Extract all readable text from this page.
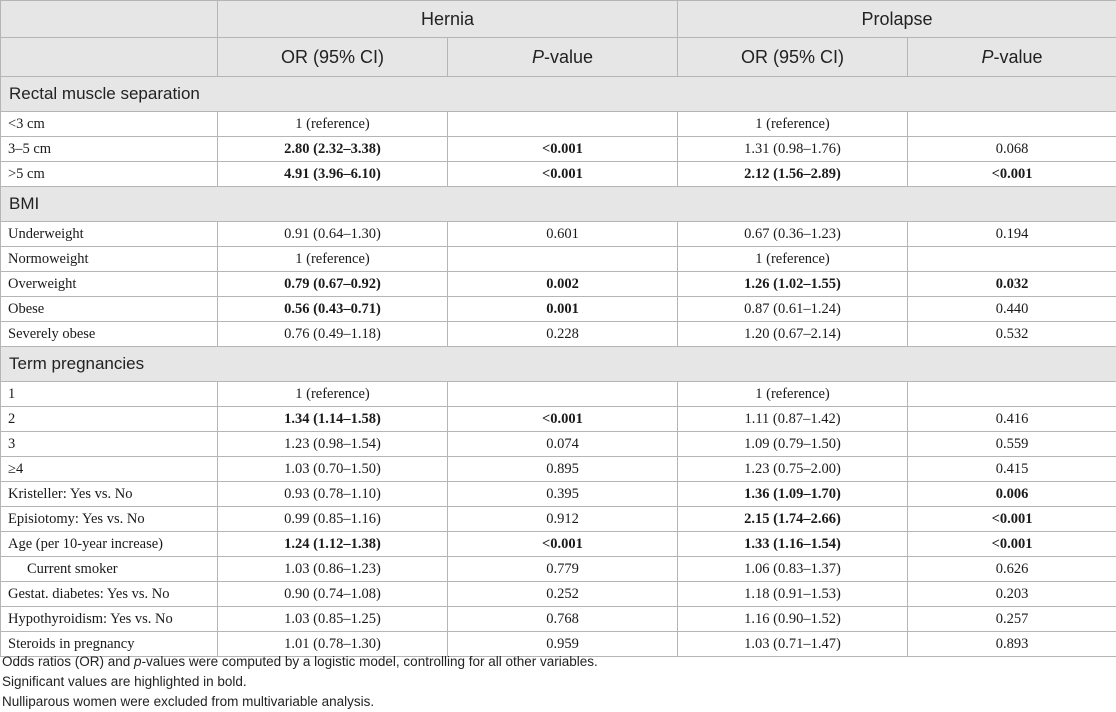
	Hernia		Prolapse	
	OR (95% CI)	P-value	OR (95% CI)	P-value
Rectal muscle separation				
<3 cm	1 (reference)		1 (reference)	
3–5 cm	2.80 (2.32–3.38)	<0.001	1.31 (0.98–1.76)	0.068
>5 cm	4.91 (3.96–6.10)	<0.001	2.12 (1.56–2.89)	<0.001
BMI				
Underweight	0.91 (0.64–1.30)	0.601	0.67 (0.36–1.23)	0.194
Normoweight	1 (reference)		1 (reference)	
Overweight	0.79 (0.67–0.92)	0.002	1.26 (1.02–1.55)	0.032
Obese	0.56 (0.43–0.71)	0.001	0.87 (0.61–1.24)	0.440
Severely obese	0.76 (0.49–1.18)	0.228	1.20 (0.67–2.14)	0.532
Term pregnancies				
1	1 (reference)		1 (reference)	
2	1.34 (1.14–1.58)	<0.001	1.11 (0.87–1.42)	0.416
3	1.23 (0.98–1.54)	0.074	1.09 (0.79–1.50)	0.559
≥4	1.03 (0.70–1.50)	0.895	1.23 (0.75–2.00)	0.415
Kristeller: Yes vs. No	0.93 (0.78–1.10)	0.395	1.36 (1.09–1.70)	0.006
Episiotomy: Yes vs. No	0.99 (0.85–1.16)	0.912	2.15 (1.74–2.66)	<0.001
Age (per 10-year increase)	1.24 (1.12–1.38)	<0.001	1.33 (1.16–1.54)	<0.001
Current smoker	1.03 (0.86–1.23)	0.779	1.06 (0.83–1.37)	0.626
Gestat. diabetes: Yes vs. No	0.90 (0.74–1.08)	0.252	1.18 (0.91–1.53)	0.203
Hypothyroidism: Yes vs. No	1.03 (0.85–1.25)	0.768	1.16 (0.90–1.52)	0.257
Steroids in pregnancy	1.01 (0.78–1.30)	0.959	1.03 (0.71–1.47)	0.893
Odds ratios (OR) and p-values were computed by a logistic model, controlling for all other variables.
Significant values are highlighted in bold.
Nulliparous women were excluded from multivariable analysis.
